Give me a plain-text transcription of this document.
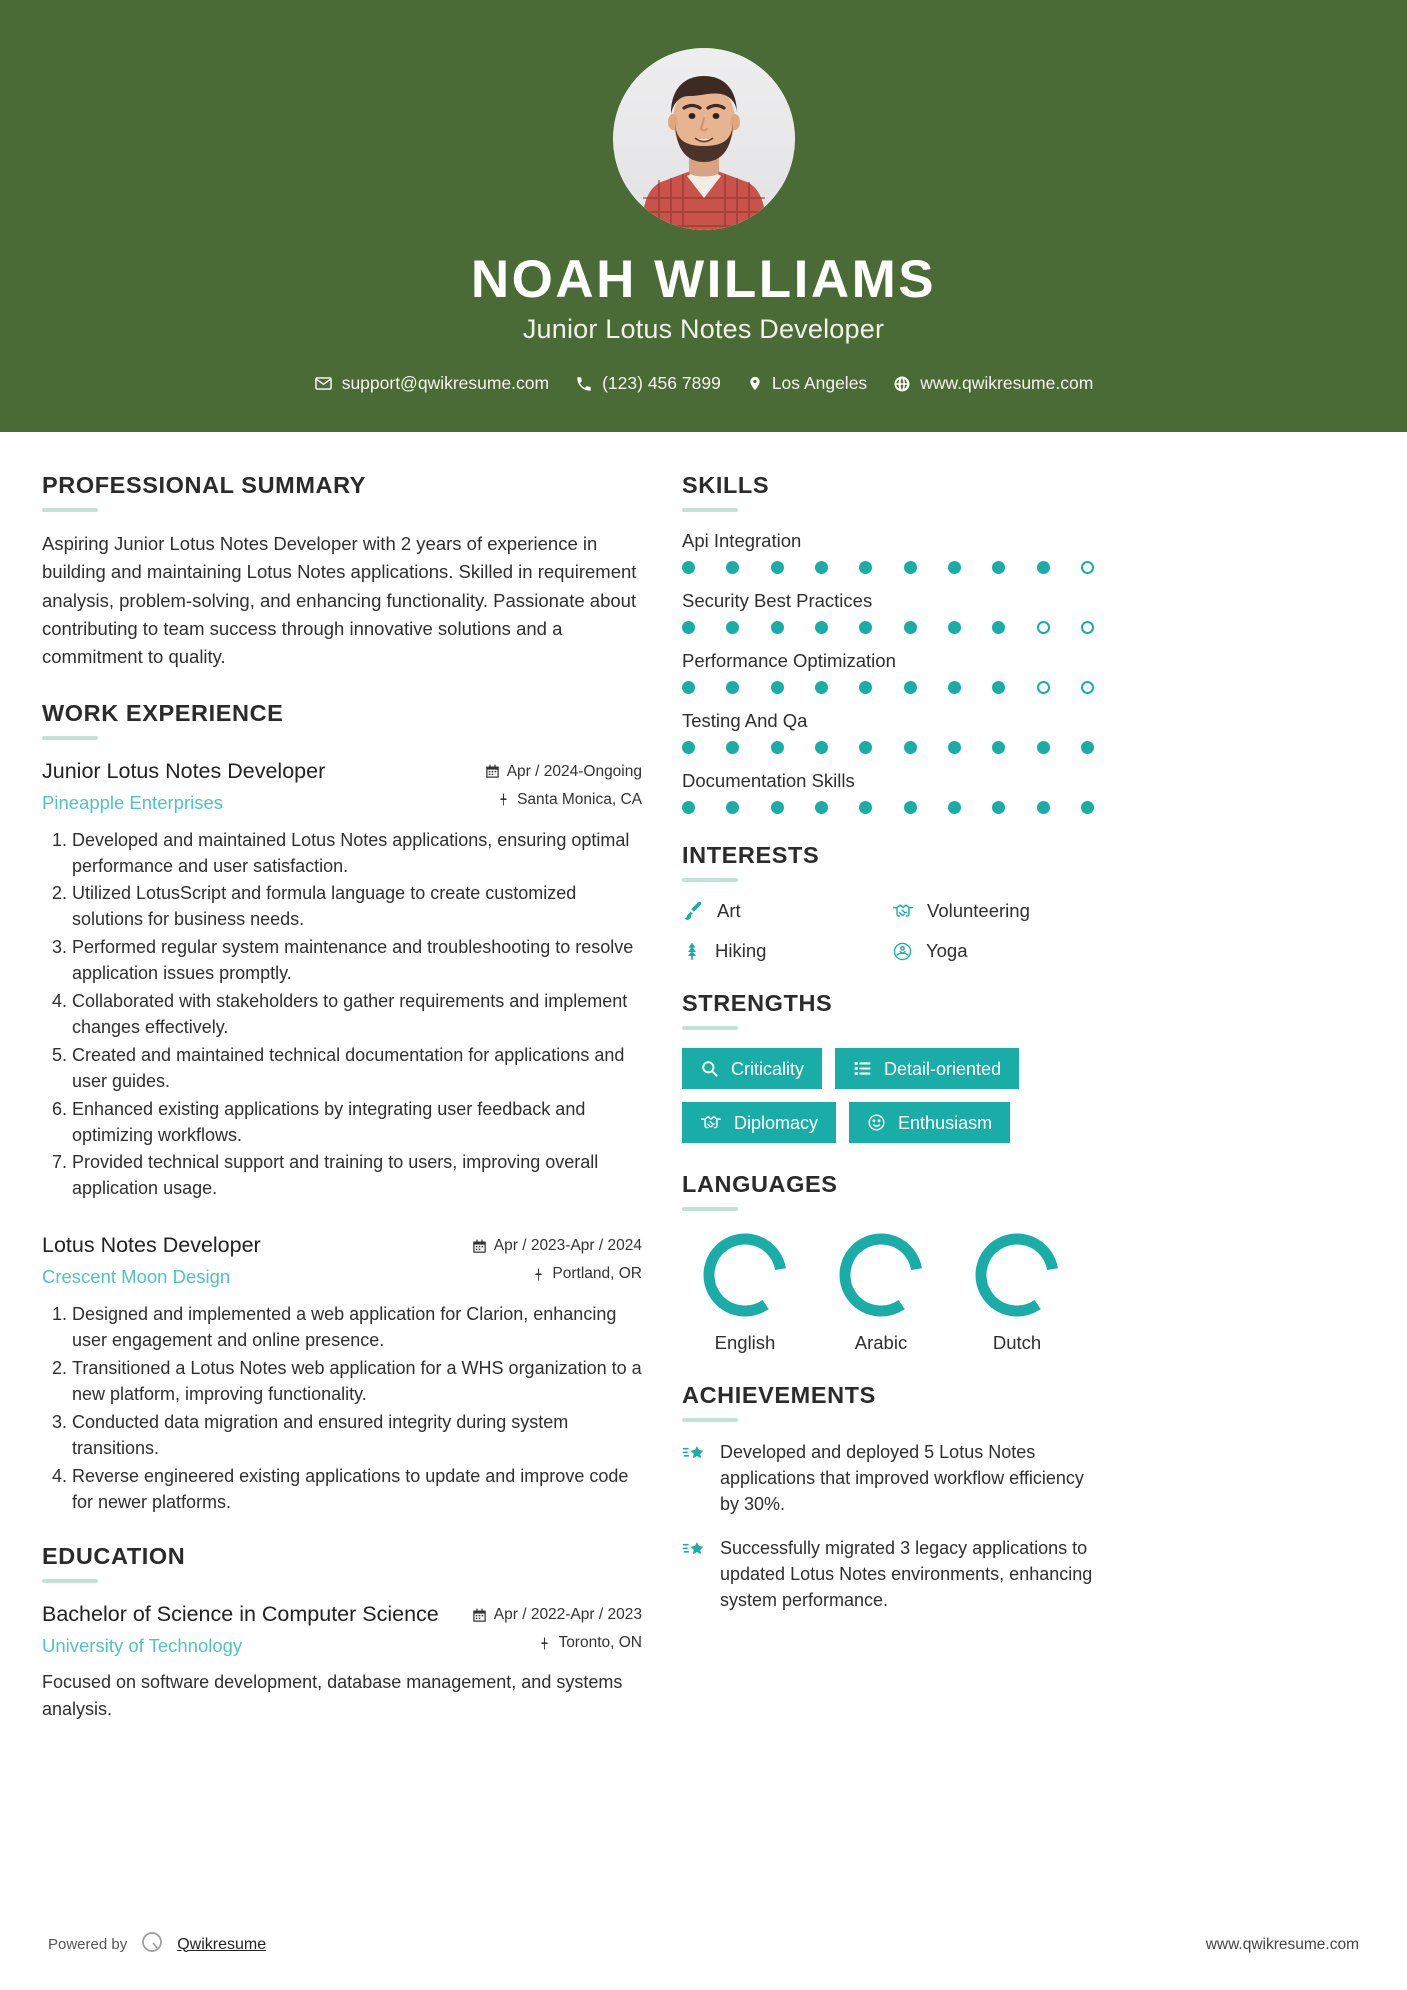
NOAH WILLIAMS
Junior Lotus Notes Developer
support@qwikresume.com	(123) 456 7899	Los Angeles	www.qwikresume.com
PROFESSIONAL SUMMARY
Aspiring Junior Lotus Notes Developer with 2 years of experience in building and maintaining Lotus Notes applications. Skilled in requirement analysis, problem-solving, and enhancing functionality. Passionate about contributing to team success through innovative solutions and a commitment to quality.
WORK EXPERIENCE
Junior Lotus Notes Developer
Pineapple Enterprises
Apr / 2024-Ongoing
Santa Monica, CA
1. Developed and maintained Lotus Notes applications, ensuring optimal performance and user satisfaction.
2. Utilized LotusScript and formula language to create customized solutions for business needs.
3. Performed regular system maintenance and troubleshooting to resolve application issues promptly.
4. Collaborated with stakeholders to gather requirements and implement changes effectively.
5. Created and maintained technical documentation for applications and user guides.
6. Enhanced existing applications by integrating user feedback and optimizing workflows.
7. Provided technical support and training to users, improving overall application usage.
Lotus Notes Developer
Crescent Moon Design
Apr / 2023-Apr / 2024
Portland, OR
1. Designed and implemented a web application for Clarion, enhancing user engagement and online presence.
2. Transitioned a Lotus Notes web application for a WHS organization to a new platform, improving functionality.
3. Conducted data migration and ensured integrity during system transitions.
4. Reverse engineered existing applications to update and improve code for newer platforms.
EDUCATION
Bachelor of Science in Computer Science
University of Technology
Apr / 2022-Apr / 2023
Toronto, ON
Focused on software development, database management, and systems analysis.
SKILLS
Api Integration
Security Best Practices
Performance Optimization
Testing And Qa
Documentation Skills
INTERESTS
Art	Volunteering
Hiking	Yoga
STRENGTHS
Criticality	Detail-oriented
Diplomacy	Enthusiasm
LANGUAGES
English	Arabic	Dutch
ACHIEVEMENTS
Developed and deployed 5 Lotus Notes applications that improved workflow efficiency by 30%.
Successfully migrated 3 legacy applications to updated Lotus Notes environments, enhancing system performance.
Powered by	Qwikresume	www.qwikresume.com
